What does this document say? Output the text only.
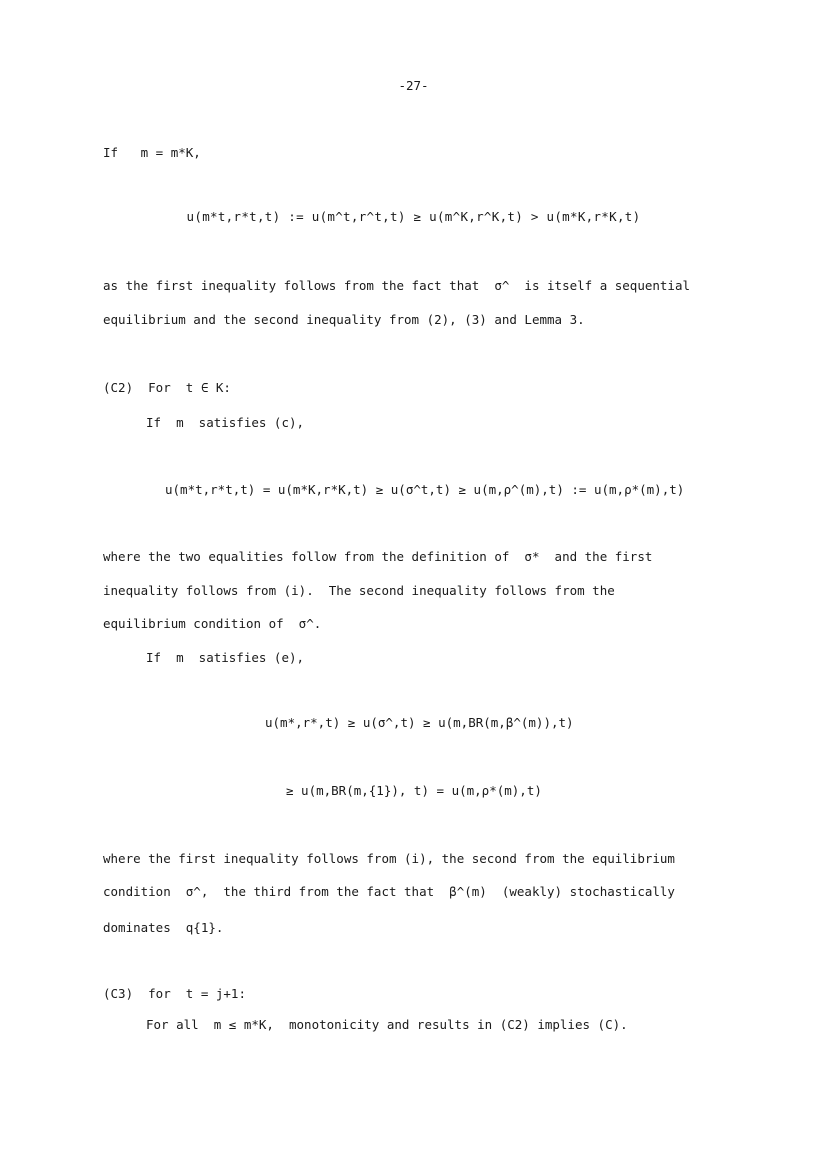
-27-
If   m = m*K,
u(m*t,r*t,t) := u(m^t,r^t,t) ≥ u(m^K,r^K,t) > u(m*K,r*K,t)
as the first inequality follows from the fact that  σ^  is itself a sequential
equilibrium and the second inequality from (2), (3) and Lemma 3.
(C2)  For  t ∈ K:
If  m  satisfies (c),
u(m*t,r*t,t) = u(m*K,r*K,t) ≥ u(σ^t,t) ≥ u(m,ρ^(m),t) := u(m,ρ*(m),t)
where the two equalities follow from the definition of  σ*  and the first
inequality follows from (i).  The second inequality follows from the
equilibrium condition of  σ^.
If  m  satisfies (e),
u(m*,r*,t) ≥ u(σ^,t) ≥ u(m,BR(m,β^(m)),t)
≥ u(m,BR(m,{1}), t) = u(m,ρ*(m),t)
where the first inequality follows from (i), the second from the equilibrium
condition  σ^,  the third from the fact that  β^(m)  (weakly) stochastically
dominates  q{1}.
(C3)  for  t = j+1:
For all  m ≤ m*K,  monotonicity and results in (C2) implies (C).
